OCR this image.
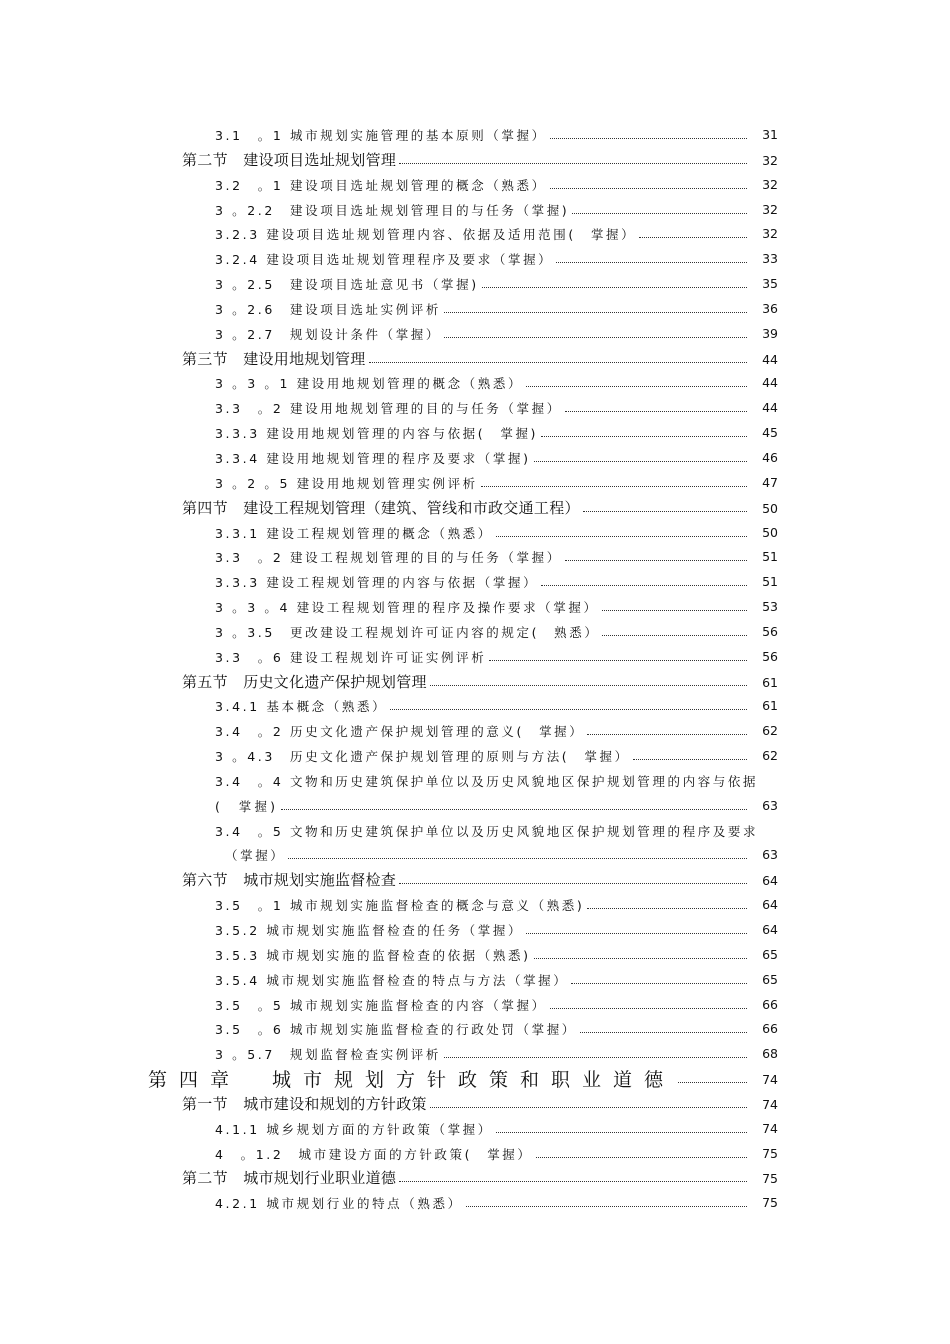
3.1　。1 城市规划实施管理的基本原则（掌握）	31
第二节　建设项目选址规划管理	32
3.2　。1 建设项目选址规划管理的概念（熟悉）	32
3 。2.2　建设项目选址规划管理目的与任务（掌握)	32
3.2.3 建设项目选址规划管理内容、依据及适用范围(　掌握）	32
3.2.4 建设项目选址规划管理程序及要求（掌握）	33
3 。2.5　建设项目选址意见书（掌握)	35
3 。2.6　建设项目选址实例评析	36
3 。2.7　规划设计条件（掌握）	39
第三节　建设用地规划管理	44
3 。3 。1 建设用地规划管理的概念（熟悉）	44
3.3　。2 建设用地规划管理的目的与任务（掌握）	44
3.3.3 建设用地规划管理的内容与依据(　掌握)	45
3.3.4 建设用地规划管理的程序及要求（掌握)	46
3 。2 。5 建设用地规划管理实例评析	47
第四节　建设工程规划管理（建筑、管线和市政交通工程）	50
3.3.1 建设工程规划管理的概念（熟悉）	50
3.3　。2 建设工程规划管理的目的与任务（掌握）	51
3.3.3 建设工程规划管理的内容与依据（掌握）	51
3 。3 。4 建设工程规划管理的程序及操作要求（掌握）	53
3 。3.5　更改建设工程规划许可证内容的规定(　熟悉）	56
3.3　。6 建设工程规划许可证实例评析	56
第五节　历史文化遗产保护规划管理	61
3.4.1 基本概念（熟悉）	61
3.4　。2 历史文化遗产保护规划管理的意义(　掌握）	62
3 。4.3　历史文化遗产保护规划管理的原则与方法(　掌握）	62
3.4　。4 文物和历史建筑保护单位以及历史风貌地区保护规划管理的内容与依据
(　掌握)	63
3.4　。5 文物和历史建筑保护单位以及历史风貌地区保护规划管理的程序及要求
（掌握）	63
第六节　城市规划实施监督检查	64
3.5　。1 城市规划实施监督检查的概念与意义（熟悉)	64
3.5.2 城市规划实施监督检查的任务（掌握）	64
3.5.3 城市规划实施的监督检查的依据（熟悉)	65
3.5.4 城市规划实施监督检查的特点与方法（掌握）	65
3.5　。5 城市规划实施监督检查的内容（掌握）	66
3.5　。6 城市规划实施监督检查的行政处罚（掌握）	66
3 。5.7　规划监督检查实例评析	68
第四章　城市规划方针政策和职业道德	74
第一节　城市建设和规划的方针政策	74
4.1.1 城乡规划方面的方针政策（掌握）	74
4　。1.2　城市建设方面的方针政策(　掌握）	75
第二节　城市规划行业职业道德	75
4.2.1 城市规划行业的特点（熟悉）	75
